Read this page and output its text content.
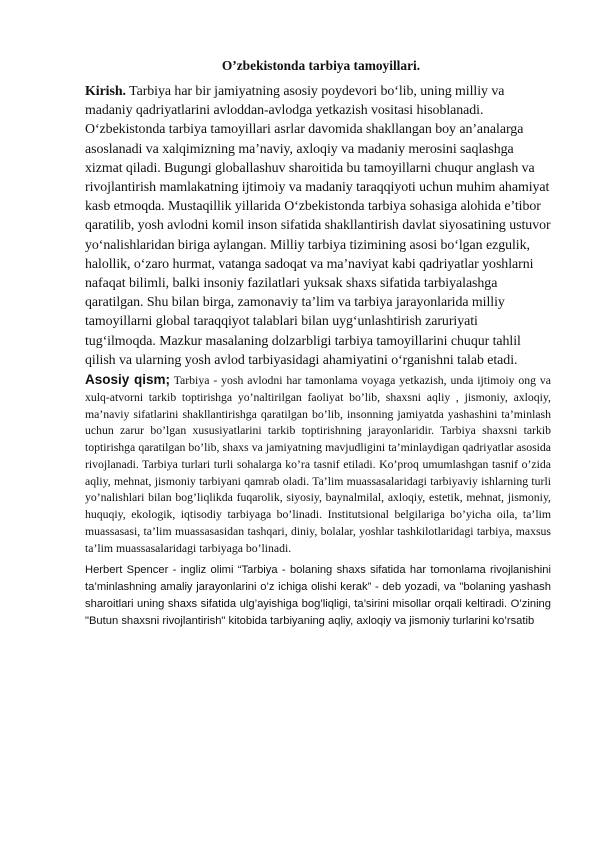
O’zbekistonda tarbiya tamoyillari.

Kirish. Tarbiya har bir jamiyatning asosiy poydevori bo‘lib, uning milliy va madaniy qadriyatlarini avloddan-avlodga yetkazish vositasi hisoblanadi. O‘zbekistonda tarbiya tamoyillari asrlar davomida shakllangan boy an’analarga asoslanadi va xalqimizning ma’naviy, axloqiy va madaniy merosini saqlashga xizmat qiladi. Bugungi globallashuv sharoitida bu tamoyillarni chuqur anglash va rivojlantirish mamlakatning ijtimoiy va madaniy taraqqiyoti uchun muhim ahamiyat kasb etmoqda. Mustaqillik yillarida O‘zbekistonda tarbiya sohasiga alohida e’tibor qaratilib, yosh avlodni komil inson sifatida shakllantirish davlat siyosatining ustuvor yo‘nalishlaridan biriga aylangan. Milliy tarbiya tizimining asosi bo‘lgan ezgulik, halollik, o‘zaro hurmat, vatanga sadoqat va ma’naviyat kabi qadriyatlar yoshlarni nafaqat bilimli, balki insoniy fazilatlari yuksak shaxs sifatida tarbiyalashga qaratilgan. Shu bilan birga, zamonaviy ta’lim va tarbiya jarayonlarida milliy tamoyillarni global taraqqiyot talablari bilan uyg‘unlashtirish zaruriyati tug‘ilmoqda. Mazkur masalaning dolzarbligi tarbiya tamoyillarini chuqur tahlil qilish va ularning yosh avlod tarbiyasidagi ahamiyatini o‘rganishni talab etadi.

Asosiy qism; Tarbiya - yosh avlodni har tamonlama voyaga yetkazish, unda ijtimoiy ong va xulq-atvorni tarkib toptirishga yo’naltirilgan faoliyat bo’lib, shaxsni aqliy , jismoniy, axloqiy, ma’naviy sifatlarini shakllantirishga qaratilgan bo’lib, insonning jamiyatda yashashini ta’minlash uchun zarur bo’lgan xususiyatlarini tarkib toptirishning jarayonlaridir. Tarbiya shaxsni tarkib toptirishga qaratilgan bo’lib, shaxs va jamiyatning mavjudligini ta’minlaydigan qadriyatlar asosida rivojlanadi. Tarbiya turlari turli sohalarga ko’ra tasnif etiladi. Ko’proq umumlashgan tasnif o’zida aqliy, mehnat, jismoniy tarbiyani qamrab oladi. Ta’lim muassasalaridagi tarbiyaviy ishlarning turli yo’nalishlari bilan bog’liqlikda fuqarolik, siyosiy, baynalmilal, axloqiy, estetik, mehnat, jismoniy, huquqiy, ekologik, iqtisodiy tarbiyaga bo’linadi. Institutsional belgilariga bo’yicha oila, ta’lim muassasasi, ta’lim muassasasidan tashqari, diniy, bolalar, yoshlar tashkilotlaridagi tarbiya, maxsus ta’lim muassasalaridagi tarbiyaga bo’linadi.

Herbert Spencer - ingliz olimi “Tarbiya - bolaning shaxs sifatida har tomonlama rivojlanishini ta’minlashning amaliy jarayonlarini o’z ichiga olishi kerak” - deb yozadi, va "bolaning yashash sharoitlari uning shaxs sifatida ulg’ayishiga bog’liqligi, ta’sirini misollar orqali keltiradi. O’zining "Butun shaxsni rivojlantirish" kitobida tarbiyaning aqliy, axloqiy va jismoniy turlarini ko’rsatib
